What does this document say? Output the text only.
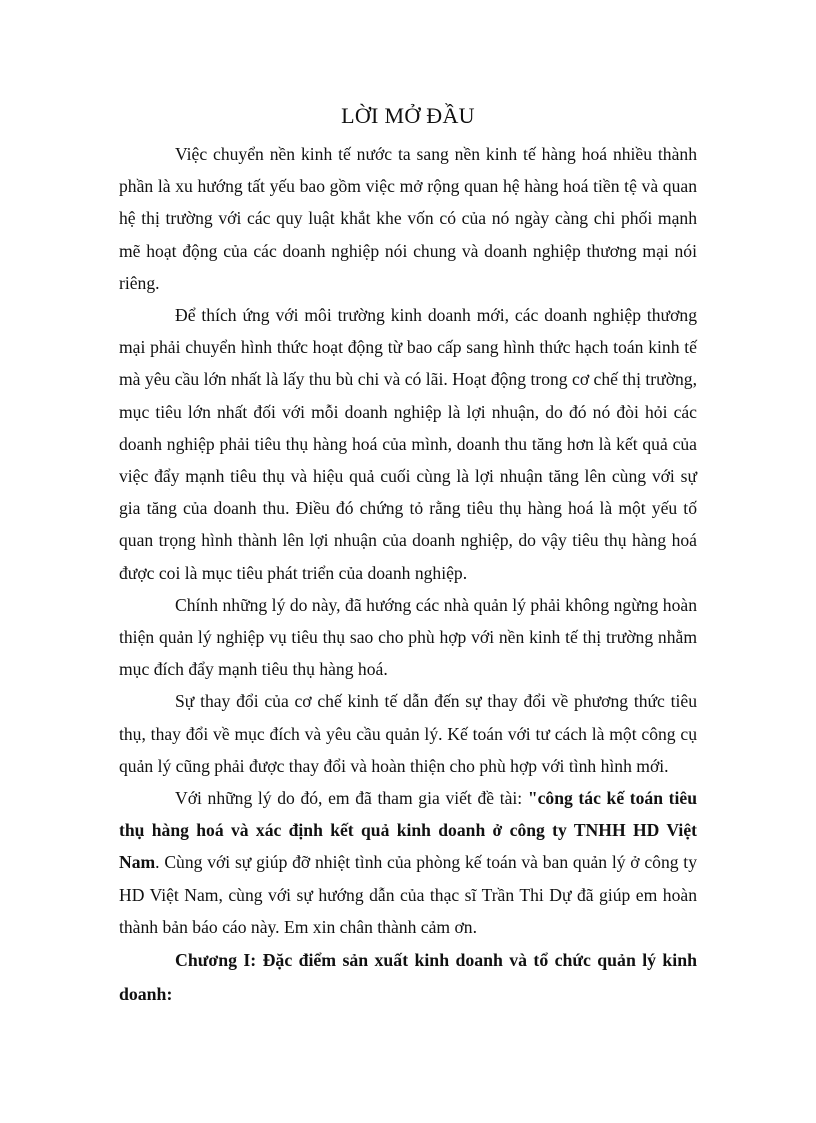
LỜI MỞ ĐẦU

Việc chuyển nền kinh tế nước ta sang nền kinh tế hàng hoá nhiều thành phần là xu hướng tất yếu bao gồm việc mở rộng quan hệ hàng hoá tiền tệ và quan hệ thị trường với các quy luật khắt khe vốn có của nó ngày càng chi phối mạnh mẽ hoạt động của các doanh nghiệp nói chung và doanh nghiệp thương mại nói riêng.

Để thích ứng với môi trường kinh doanh mới, các doanh nghiệp thương mại phải chuyển hình thức hoạt động từ bao cấp sang hình thức hạch toán kinh tế mà yêu cầu lớn nhất là lấy thu bù chi và có lãi. Hoạt động trong cơ chế thị trường, mục tiêu lớn nhất đối với mỗi doanh nghiệp là lợi nhuận, do đó nó đòi hỏi các doanh nghiệp phải tiêu thụ hàng hoá của mình, doanh thu tăng hơn là kết quả của việc đẩy mạnh tiêu thụ và hiệu quả cuối cùng là lợi nhuận tăng lên cùng với sự gia tăng của doanh thu. Điều đó chứng tỏ rằng tiêu thụ hàng hoá là một yếu tố quan trọng hình thành lên lợi nhuận của doanh nghiệp, do vậy tiêu thụ hàng hoá được coi là mục tiêu phát triển của doanh nghiệp.

Chính những lý do này, đã hướng các nhà quản lý phải không ngừng hoàn thiện quản lý nghiệp vụ tiêu thụ sao cho phù hợp với nền kinh tế thị trường nhằm mục đích đẩy mạnh tiêu thụ hàng hoá.

Sự thay đổi của cơ chế kinh tế dẫn đến sự thay đổi về phương thức tiêu thụ, thay đổi về mục đích và yêu cầu quản lý. Kế toán với tư cách là một công cụ quản lý cũng phải được thay đổi và hoàn thiện cho phù hợp với tình hình mới.

Với những lý do đó, em đã tham gia viết đề tài: "công tác kế toán tiêu thụ hàng hoá và xác định kết quả kinh doanh ở công ty TNHH HD Việt Nam. Cùng với sự giúp đỡ nhiệt tình của phòng kế toán và ban quản lý ở công ty HD Việt Nam, cùng với sự hướng dẫn của thạc sĩ Trần Thi Dự đã giúp em hoàn thành bản báo cáo này. Em xin chân thành cảm ơn.

Chương I: Đặc điểm sản xuất kinh doanh và tổ chức quản lý kinh doanh:
